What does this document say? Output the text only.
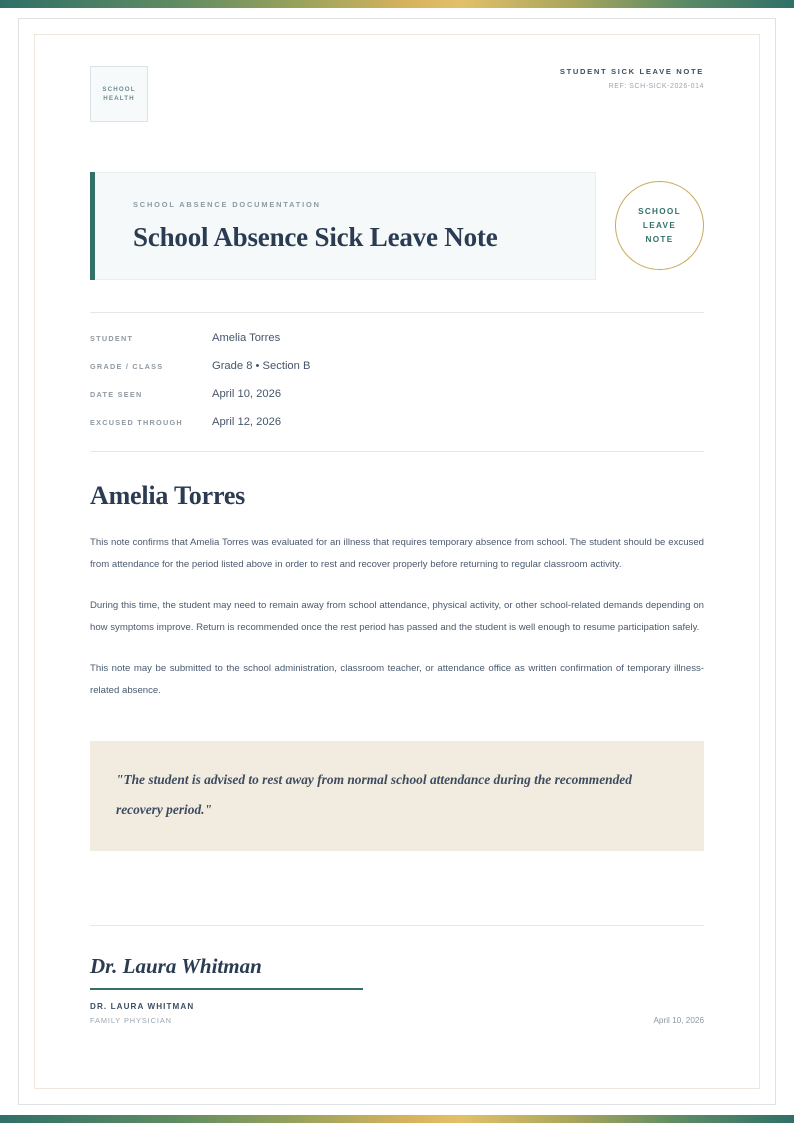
SCHOOL
HEALTH
STUDENT SICK LEAVE NOTE
REF: SCH-SICK-2026-014
SCHOOL ABSENCE DOCUMENTATION
School Absence Sick Leave Note
SCHOOL
LEAVE
NOTE
STUDENT	Amelia Torres
GRADE / CLASS	Grade 8 • Section B
DATE SEEN	April 10, 2026
EXCUSED THROUGH	April 12, 2026
Amelia Torres

This note confirms that Amelia Torres was evaluated for an illness that requires temporary absence from school. The student should be excused from attendance for the period listed above in order to rest and recover properly before returning to regular classroom activity.

During this time, the student may need to remain away from school attendance, physical activity, or other school-related demands depending on how symptoms improve. Return is recommended once the rest period has passed and the student is well enough to resume participation safely.

This note may be submitted to the school administration, classroom teacher, or attendance office as written confirmation of temporary illness-related absence.

"The student is advised to rest away from normal school attendance during the recommended recovery period."
Dr. Laura Whitman
DR. LAURA WHITMAN
FAMILY PHYSICIAN	April 10, 2026
